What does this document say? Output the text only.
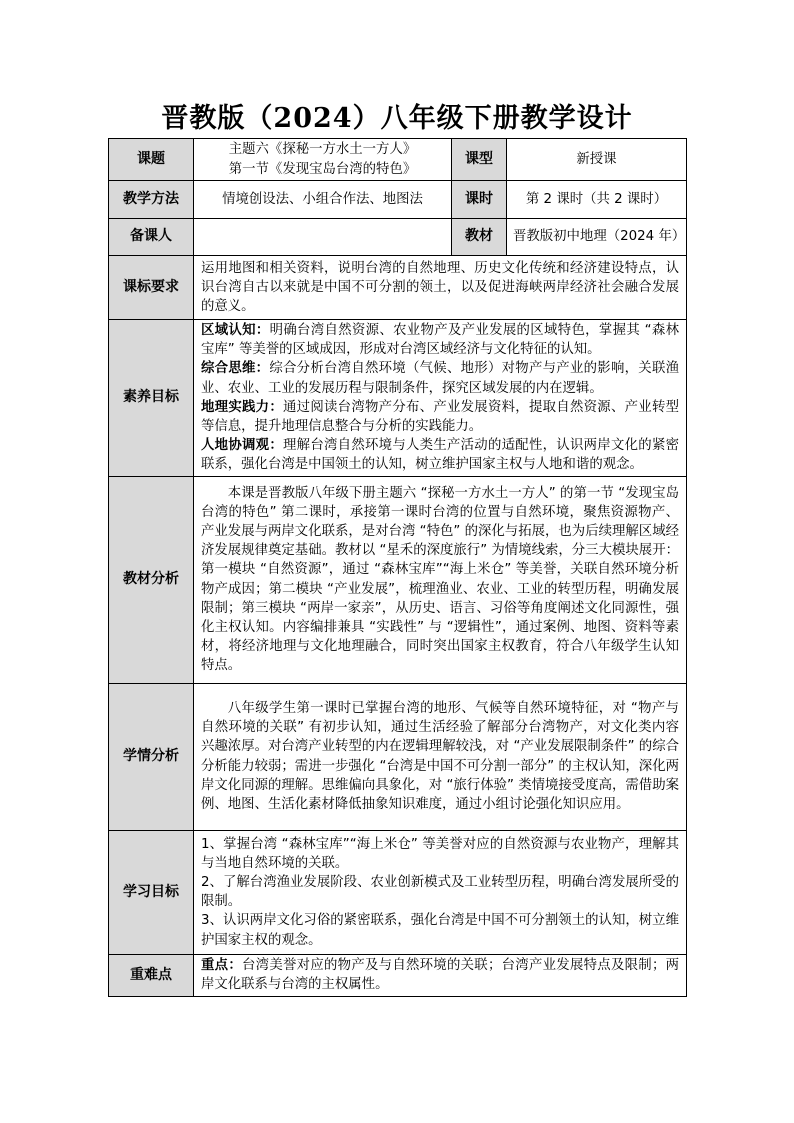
晋教版（2024）八年级下册教学设计
课题	主题六《探秘一方水土一方人》
第一节《发现宝岛台湾的特色》	课型	新授课
教学方法	情境创设法、小组合作法、地图法	课时	第 2 课时（共 2 课时）
备课人		教材	晋教版初中地理（2024 年）
课标要求	运用地图和相关资料，说明台湾的自然地理、历史文化传统和经济建设特点，认识台湾自古以来就是中国不可分割的领土，以及促进海峡两岸经济社会融合发展的意义。		
素养目标	区域认知：明确台湾自然资源、农业物产及产业发展的区域特色，掌握其 “森林宝库” 等美誉的区域成因，形成对台湾区域经济与文化特征的认知。

综合思维：综合分析台湾自然环境（气候、地形）对物产与产业的影响，关联渔业、农业、工业的发展历程与限制条件，探究区域发展的内在逻辑。

地理实践力：通过阅读台湾物产分布、产业发展资料，提取自然资源、产业转型等信息，提升地理信息整合与分析的实践能力。

人地协调观：理解台湾自然环境与人类生产活动的适配性，认识两岸文化的紧密联系，强化台湾是中国领土的认知，树立维护国家主权与人地和谐的观念。		

教材分析	本课是晋教版八年级下册主题六 “探秘一方水土一方人” 的第一节 “发现宝岛台湾的特色” 第二课时，承接第一课时台湾的位置与自然环境，聚焦资源物产、产业发展与两岸文化联系，是对台湾 “特色” 的深化与拓展，也为后续理解区域经济发展规律奠定基础。教材以 “星禾的深度旅行” 为情境线索，分三大模块展开：第一模块 “自然资源”，通过 “森林宝库”“海上米仓” 等美誉，关联自然环境分析物产成因；第二模块 “产业发展”，梳理渔业、农业、工业的转型历程，明确发展限制；第三模块 “两岸一家亲”，从历史、语言、习俗等角度阐述文化同源性，强化主权认知。内容编排兼具 “实践性” 与 “逻辑性”，通过案例、地图、资料等素材，将经济地理与文化地理融合，同时突出国家主权教育，符合八年级学生认知特点。		

学情分析	八年级学生第一课时已掌握台湾的地形、气候等自然环境特征，对 “物产与自然环境的关联” 有初步认知，通过生活经验了解部分台湾物产，对文化类内容兴趣浓厚。对台湾产业转型的内在逻辑理解较浅，对 “产业发展限制条件” 的综合分析能力较弱；需进一步强化 “台湾是中国不可分割一部分” 的主权认知，深化两岸文化同源的理解。思维偏向具象化，对 “旅行体验” 类情境接受度高，需借助案例、地图、生活化素材降低抽象知识难度，通过小组讨论强化知识应用。		

学习目标	1、掌握台湾 “森林宝库”“海上米仓” 等美誉对应的自然资源与农业物产，理解其与当地自然环境的关联。

2、了解台湾渔业发展阶段、农业创新模式及工业转型历程，明确台湾发展所受的限制。

3、认识两岸文化习俗的紧密联系，强化台湾是中国不可分割领土的认知，树立维护国家主权的观念。		

重难点	重点：台湾美誉对应的物产及与自然环境的关联；台湾产业发展特点及限制；两岸文化联系与台湾的主权属性。		
